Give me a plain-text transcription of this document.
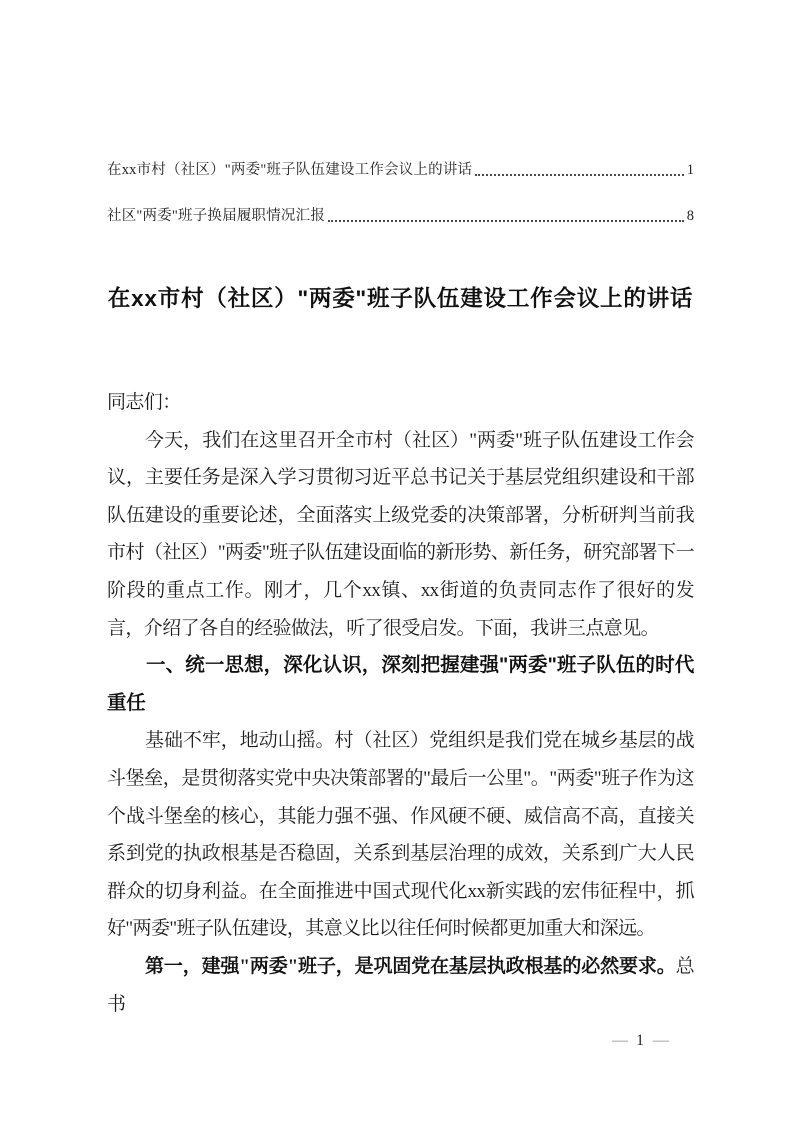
在xx市村（社区）"两委"班子队伍建设工作会议上的讲话	1
社区"两委"班子换届履职情况汇报	8
在xx市村（社区）"两委"班子队伍建设工作会议上的讲话

同志们：

今天，我们在这里召开全市村（社区）"两委"班子队伍建设工作会议，主要任务是深入学习贯彻习近平总书记关于基层党组织建设和干部队伍建设的重要论述，全面落实上级党委的决策部署，分析研判当前我市村（社区）"两委"班子队伍建设面临的新形势、新任务，研究部署下一阶段的重点工作。刚才，几个xx镇、xx街道的负责同志作了很好的发言，介绍了各自的经验做法，听了很受启发。下面，我讲三点意见。

一、统一思想，深化认识，深刻把握建强"两委"班子队伍的时代重任

基础不牢，地动山摇。村（社区）党组织是我们党在城乡基层的战斗堡垒，是贯彻落实党中央决策部署的"最后一公里"。"两委"班子作为这个战斗堡垒的核心，其能力强不强、作风硬不硬、威信高不高，直接关系到党的执政根基是否稳固，关系到基层治理的成效，关系到广大人民群众的切身利益。在全面推进中国式现代化xx新实践的宏伟征程中，抓好"两委"班子队伍建设，其意义比以往任何时候都更加重大和深远。

第一，建强"两委"班子，是巩固党在基层执政根基的必然要求。总书

— 1 —
